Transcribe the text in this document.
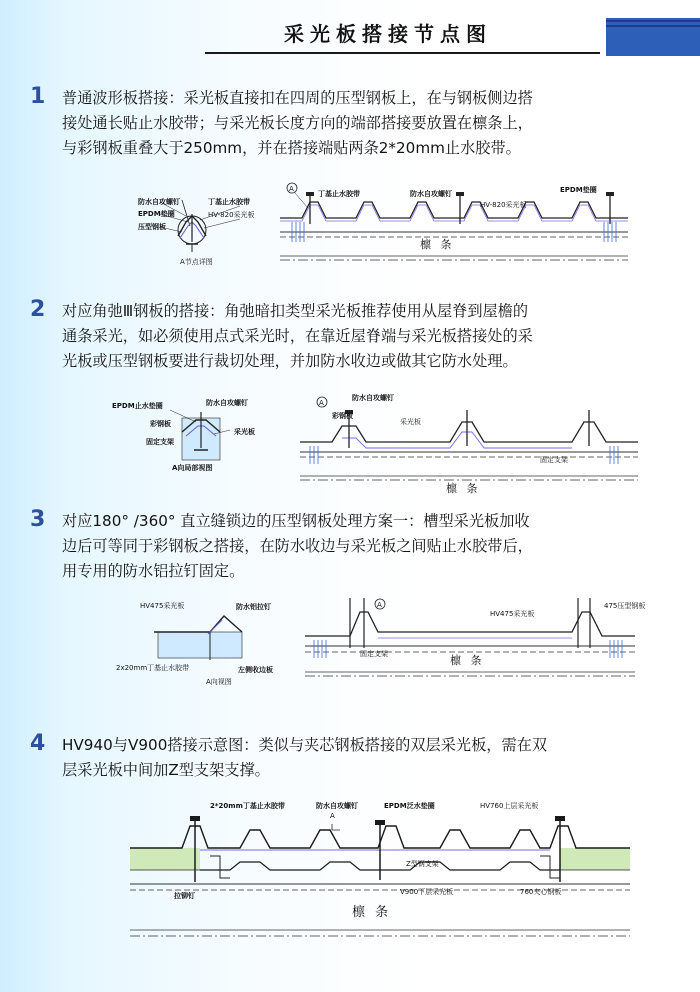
采光板搭接节点图
1 普通波形板搭接：采光板直接扣在四周的压型钢板上，在与钢板侧边搭
接处通长贴止水胶带；与采光板长度方向的端部搭接要放置在檩条上，
与彩钢板重叠大于250mm，并在搭接端贴两条2*20mm止水胶带。
防水自攻螺钉
EPDM垫圈
压型钢板
丁基止水胶带
HV-820采光板
A节点详图
A
丁基止水胶带	防水自攻螺钉
HV-820采光板
EPDM垫圈
檩 条
2 对应角弛Ⅲ钢板的搭接：角弛暗扣类型采光板推荐使用从屋脊到屋檐的
通条采光，如必须使用点式采光时，在靠近屋脊端与采光板搭接处的采
光板或压型钢板要进行裁切处理，并加防水收边或做其它防水处理。
EPDM止水垫圈	防水自攻螺钉
彩钢板
采光板
固定支架
A向局部视图
A
防水自攻螺钉
彩钢板
采光板
固定支架
檩 条
3 对应180° /360° 直立缝锁边的压型钢板处理方案一：槽型采光板加收
边后可等同于彩钢板之搭接，在防水收边与采光板之间贴止水胶带后，
用专用的防水铝拉钉固定。
HV475采光板	防水铝拉钉
2x20mm丁基止水胶带	左侧收边板
A向视图
A
HV475采光板
475压型钢板
固定支架	檩 条
4 HV940与V900搭接示意图：类似与夹芯钢板搭接的双层采光板，需在双
层采光板中间加Z型支架支撑。
A
2*20mm丁基止水胶带	防水自攻螺钉	EPDM泛水垫圈	HV760上层采光板
Z型钢支架
拉铆钉	V900下层采光板	760夹心钢板
檩 条
